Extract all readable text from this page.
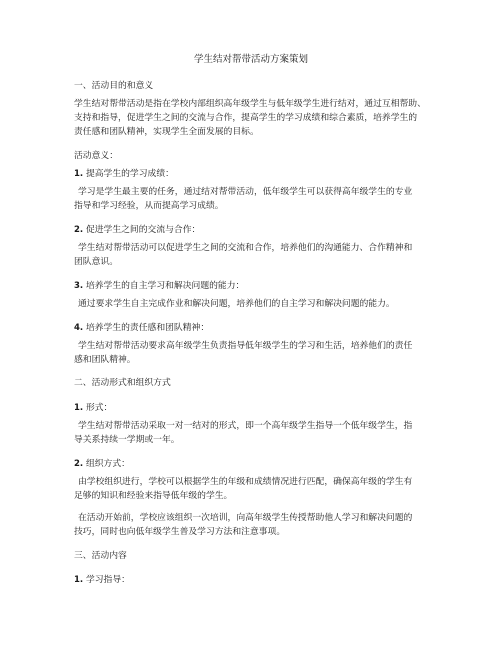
学生结对帮带活动方案策划
一、活动目的和意义
学生结对帮带活动是指在学校内部组织高年级学生与低年级学生进行结对，通过互相帮助、
支持和指导，促进学生之间的交流与合作，提高学生的学习成绩和综合素质，培养学生的
责任感和团队精神，实现学生全面发展的目标。
活动意义：
1. 提高学生的学习成绩：
学习是学生最主要的任务，通过结对帮带活动，低年级学生可以获得高年级学生的专业
指导和学习经验，从而提高学习成绩。
2. 促进学生之间的交流与合作：
学生结对帮带活动可以促进学生之间的交流和合作，培养他们的沟通能力、合作精神和
团队意识。
3. 培养学生的自主学习和解决问题的能力：
通过要求学生自主完成作业和解决问题，培养他们的自主学习和解决问题的能力。
4. 培养学生的责任感和团队精神：
学生结对帮带活动要求高年级学生负责指导低年级学生的学习和生活，培养他们的责任
感和团队精神。
二、活动形式和组织方式
1. 形式：
学生结对帮带活动采取一对一结对的形式，即一个高年级学生指导一个低年级学生，指
导关系持续一学期或一年。
2. 组织方式：
由学校组织进行，学校可以根据学生的年级和成绩情况进行匹配，确保高年级的学生有
足够的知识和经验来指导低年级的学生。
在活动开始前，学校应该组织一次培训，向高年级学生传授帮助他人学习和解决问题的
技巧，同时也向低年级学生普及学习方法和注意事项。
三、活动内容
1. 学习指导：
